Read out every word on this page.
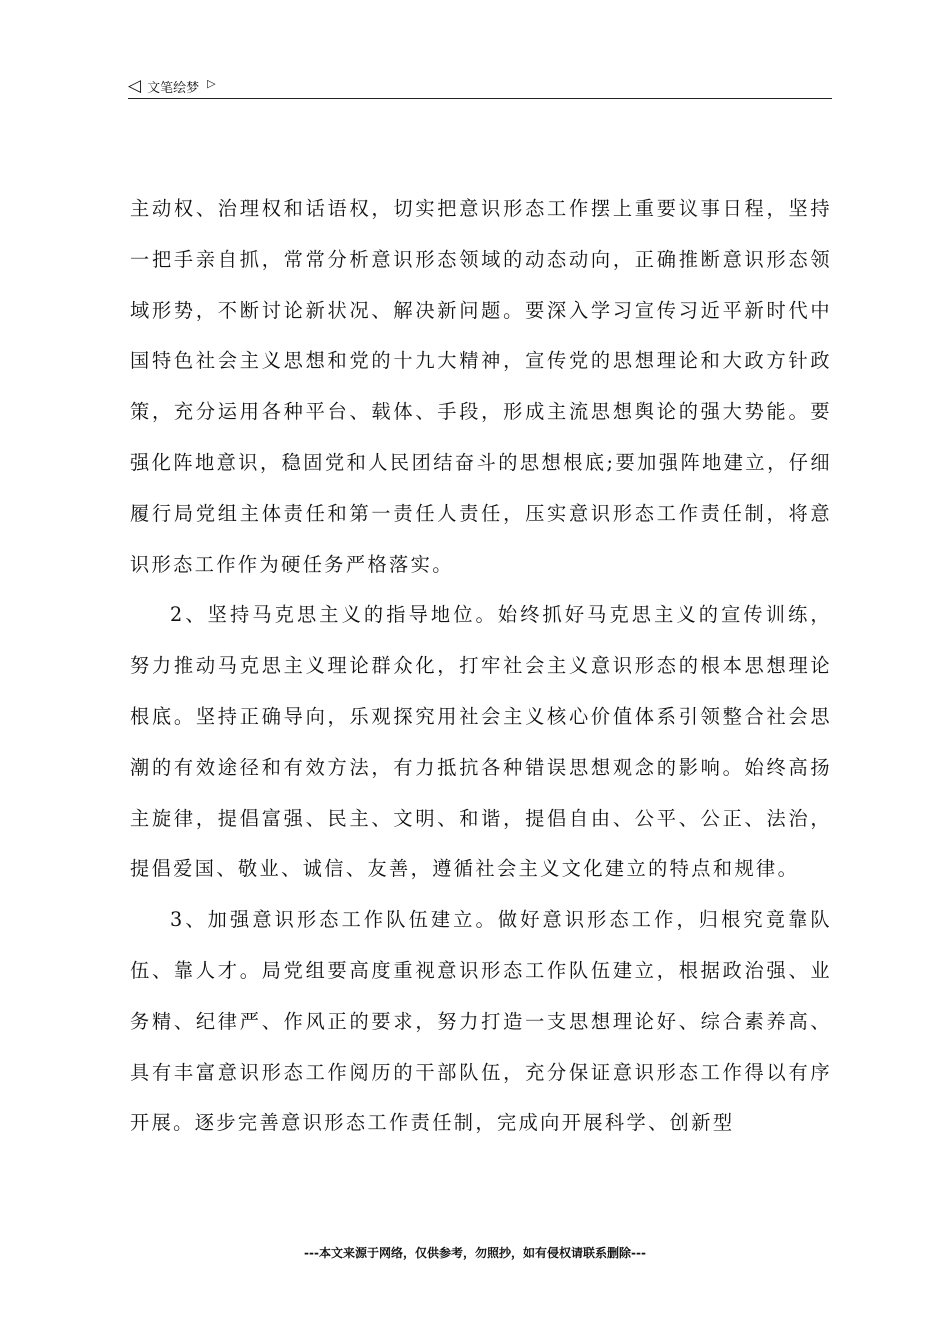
◁ 文笔绘梦 ▷

主动权、治理权和话语权，切实把意识形态工作摆上重要议事日程，坚持一把手亲自抓，常常分析意识形态领域的动态动向，正确推断意识形态领域形势，不断讨论新状况、解决新问题。要深入学习宣传习近平新时代中国特色社会主义思想和党的十九大精神，宣传党的思想理论和大政方针政策，充分运用各种平台、载体、手段，形成主流思想舆论的强大势能。要强化阵地意识，稳固党和人民团结奋斗的思想根底;要加强阵地建立，仔细履行局党组主体责任和第一责任人责任，压实意识形态工作责任制，将意识形态工作作为硬任务严格落实。

2、坚持马克思主义的指导地位。始终抓好马克思主义的宣传训练，努力推动马克思主义理论群众化，打牢社会主义意识形态的根本思想理论根底。坚持正确导向，乐观探究用社会主义核心价值体系引领整合社会思潮的有效途径和有效方法，有力抵抗各种错误思想观念的影响。始终高扬主旋律，提倡富强、民主、文明、和谐，提倡自由、公平、公正、法治，提倡爱国、敬业、诚信、友善，遵循社会主义文化建立的特点和规律。

3、加强意识形态工作队伍建立。做好意识形态工作，归根究竟靠队伍、靠人才。局党组要高度重视意识形态工作队伍建立，根据政治强、业务精、纪律严、作风正的要求，努力打造一支思想理论好、综合素养高、具有丰富意识形态工作阅历的干部队伍，充分保证意识形态工作得以有序开展。逐步完善意识形态工作责任制，完成向开展科学、创新型

---本文来源于网络，仅供参考，勿照抄，如有侵权请联系删除---
